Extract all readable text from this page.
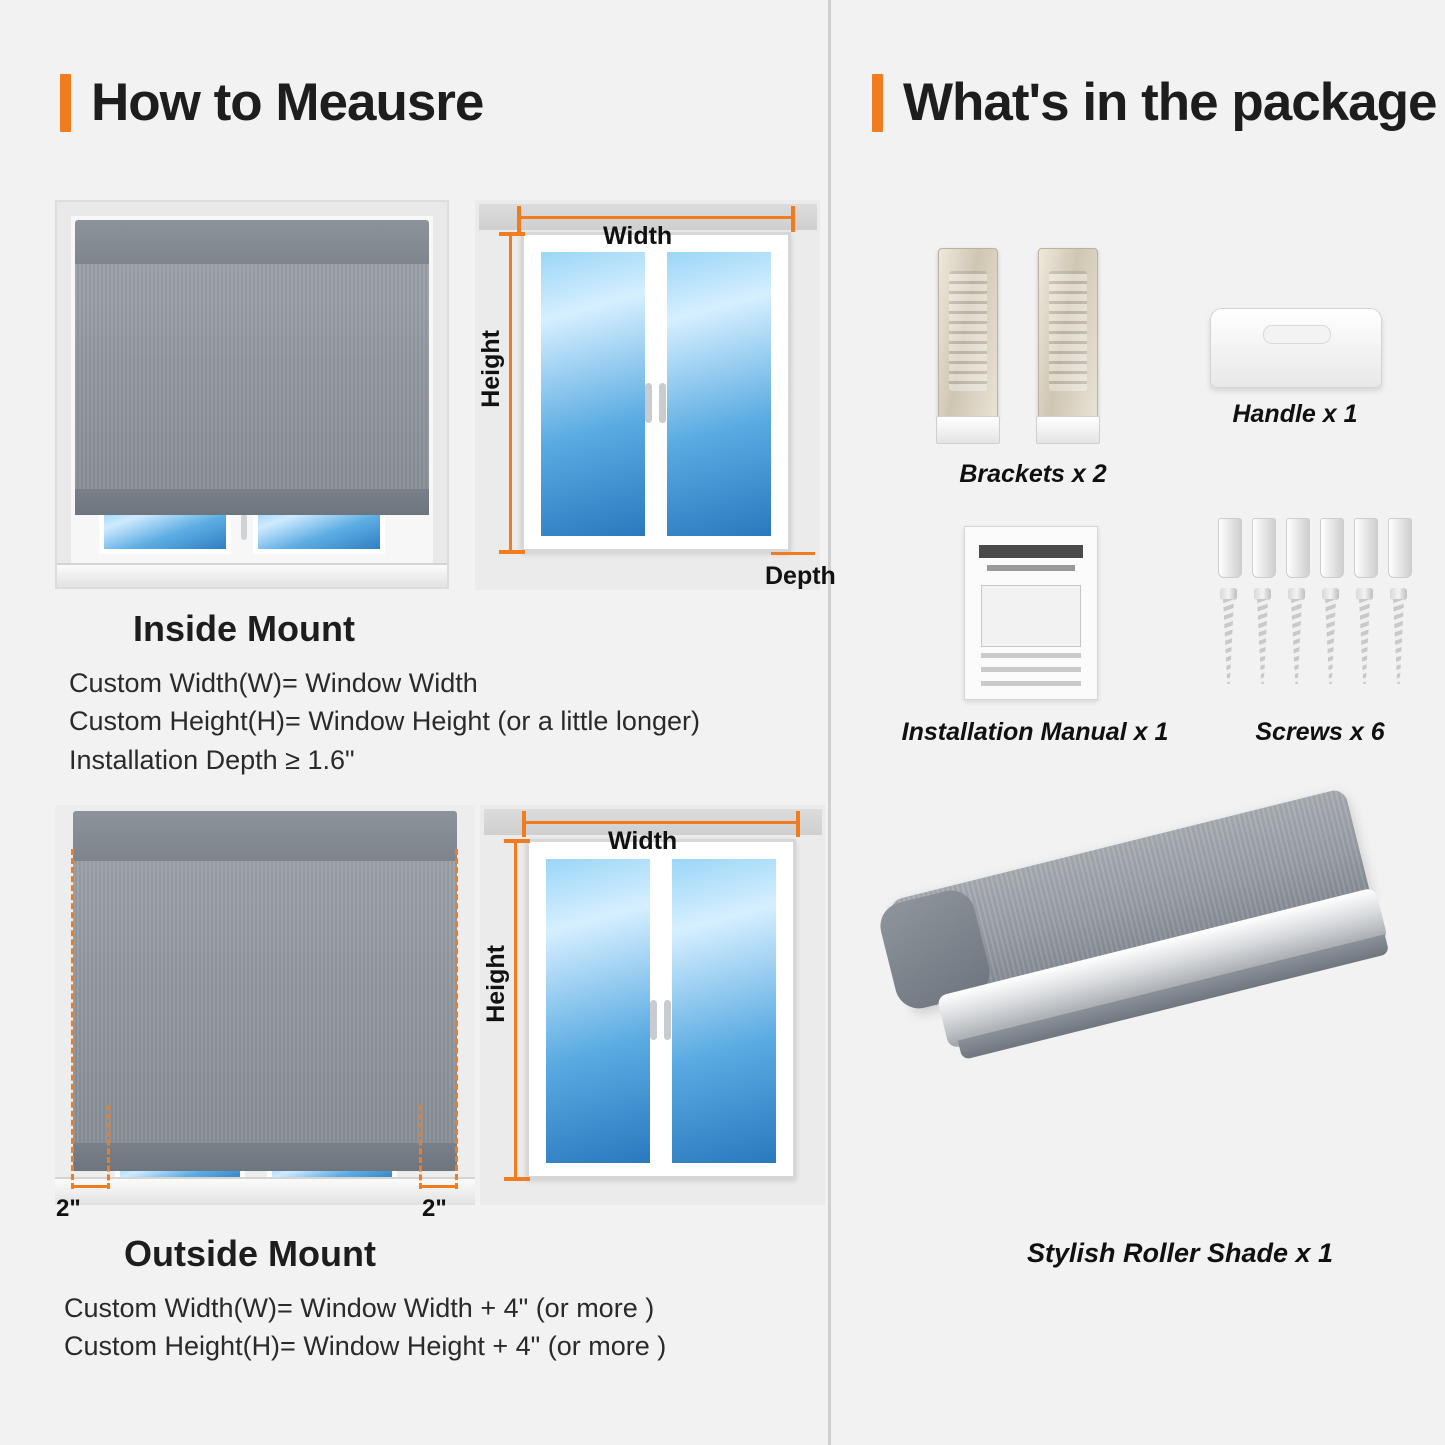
How to Meausre
Width
Height
Depth
Inside Mount
Custom Width(W)= Window Width
Custom Height(H)= Window Height (or a little longer)
Installation Depth ≥ 1.6"
2"	2"
Width
Height
Outside Mount
Custom Width(W)= Window Width + 4" (or more )
Custom Height(H)= Window Height + 4" (or more )
What's in the package
Brackets x 2
Handle x 1
Installation Manual x 1	Screws x 6
Stylish Roller Shade x 1
